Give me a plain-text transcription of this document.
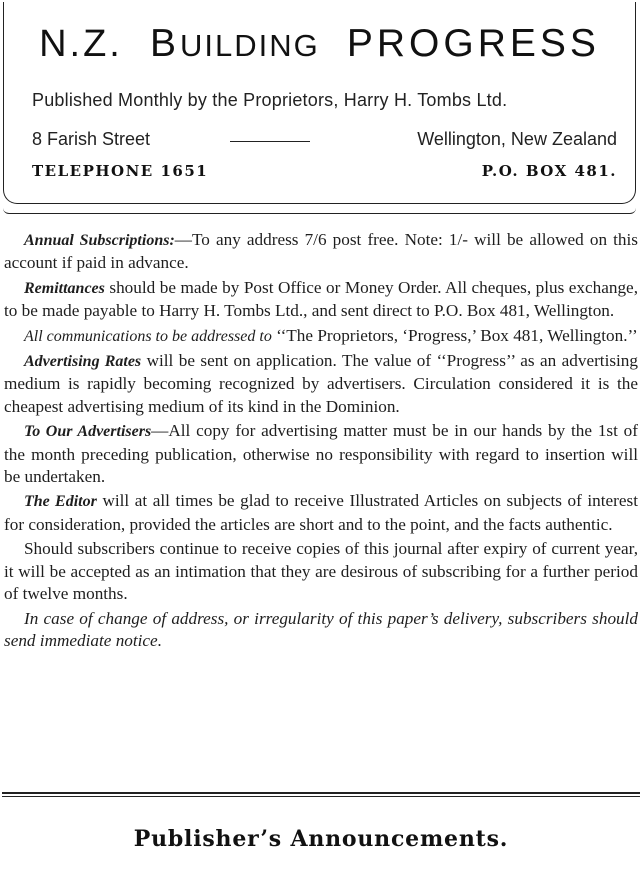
N.Z. BUILDING PROGRESS
Published Monthly by the Proprietors, Harry H. Tombs Ltd.
8 Farish Street	Wellington, New Zealand
TELEPHONE 1651	P.O. BOX 481.

Annual Subscriptions:—To any address 7/6 post free. Note: 1/- will be allowed on this account if paid in advance.

Remittances should be made by Post Office or Money Order. All cheques, plus exchange, to be made payable to Harry H. Tombs Ltd., and sent direct to P.O. Box 481, Wellington.

All communications to be addressed to ‘‘The Proprietors, ‘Progress,’ Box 481, Wellington.’’

Advertising Rates will be sent on application. The value of ‘‘Progress’’ as an advertising medium is rapidly becoming recognized by advertisers. Circulation considered it is the cheapest advertising medium of its kind in the Dominion.

To Our Advertisers—All copy for advertising matter must be in our hands by the 1st of the month preceding publication, otherwise no responsibility with regard to insertion will be undertaken.

The Editor will at all times be glad to receive Illustrated Articles on subjects of interest for consideration, provided the articles are short and to the point, and the facts authentic.

Should subscribers continue to receive copies of this journal after expiry of current year, it will be accepted as an intimation that they are desirous of subscribing for a further period of twelve months.

In case of change of address, or irregularity of this paper’s delivery, subscribers should send immediate notice.

Publisher’s Announcements.
